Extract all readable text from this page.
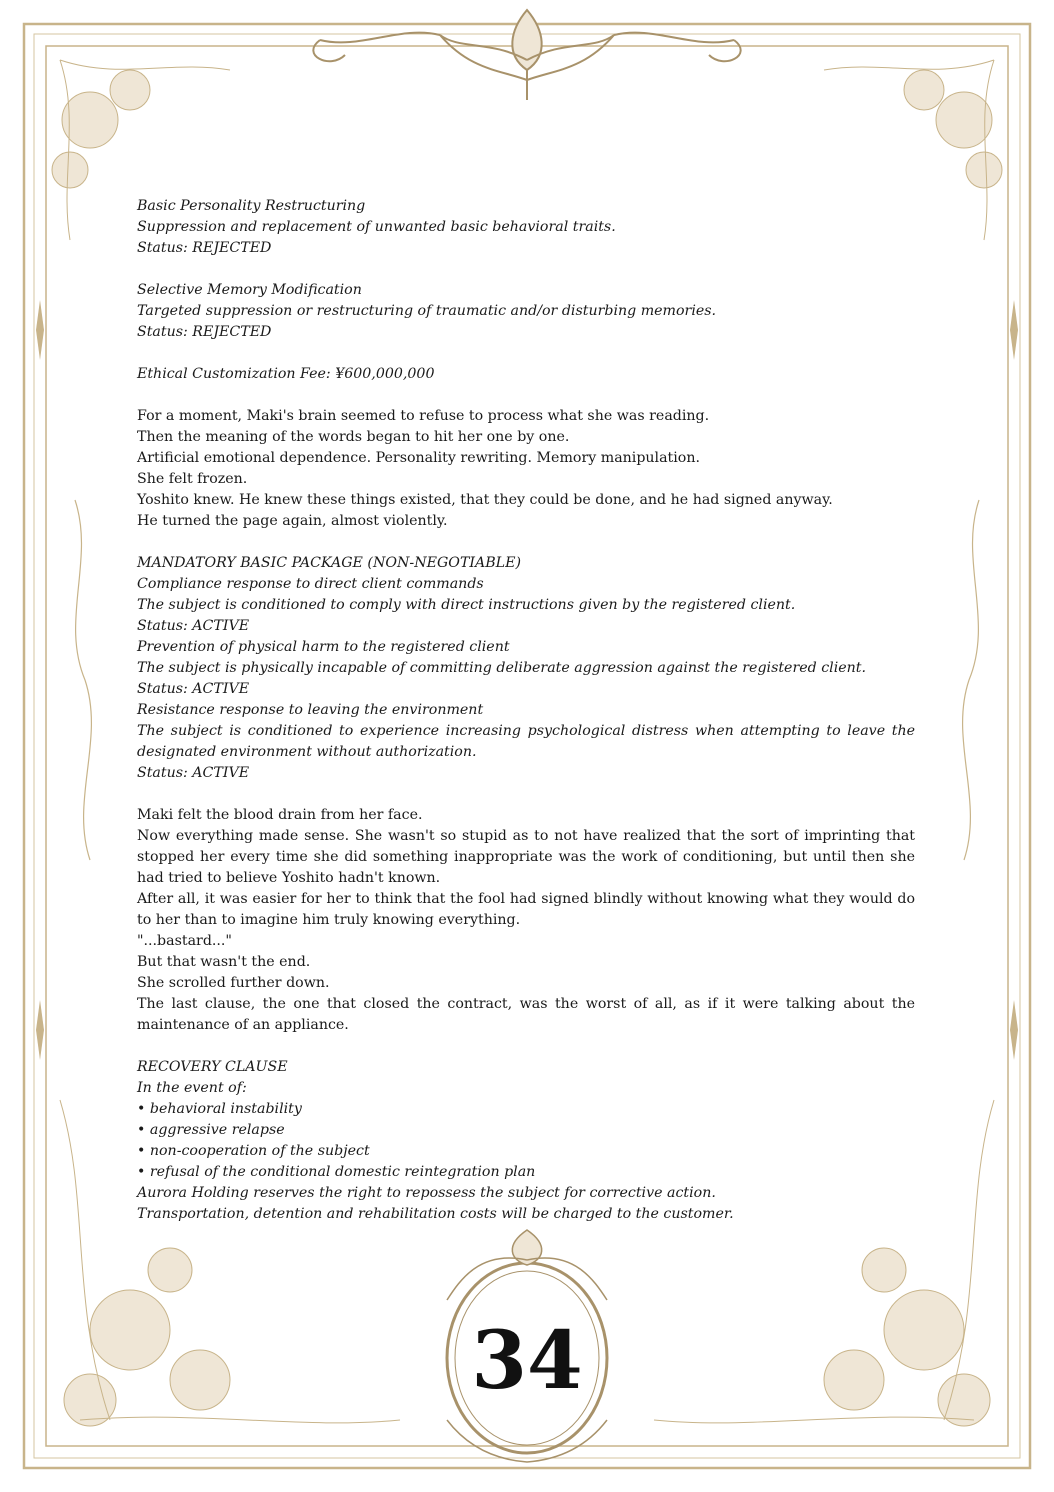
Basic Personality Restructuring

Suppression and replacement of unwanted basic behavioral traits.

Status: REJECTED

Selective Memory Modification

Targeted suppression or restructuring of traumatic and/or disturbing memories.

Status: REJECTED

Ethical Customization Fee: ¥600,000,000

For a moment, Maki's brain seemed to refuse to process what she was reading.

Then the meaning of the words began to hit her one by one.

Artificial emotional dependence. Personality rewriting. Memory manipulation.

She felt frozen.

Yoshito knew. He knew these things existed, that they could be done, and he had signed anyway.

He turned the page again, almost violently.

MANDATORY BASIC PACKAGE (NON-NEGOTIABLE)

Compliance response to direct client commands

The subject is conditioned to comply with direct instructions given by the registered client.

Status: ACTIVE

Prevention of physical harm to the registered client

The subject is physically incapable of committing deliberate aggression against the registered client.

Status: ACTIVE

Resistance response to leaving the environment

The subject is conditioned to experience increasing psychological distress when attempting to leave the designated environment without authorization.

Status: ACTIVE

Maki felt the blood drain from her face.

Now everything made sense. She wasn't so stupid as to not have realized that the sort of imprinting that stopped her every time she did something inappropriate was the work of conditioning, but until then she had tried to believe Yoshito hadn't known.

After all, it was easier for her to think that the fool had signed blindly without knowing what they would do to her than to imagine him truly knowing everything.

"...bastard..."

But that wasn't the end.

She scrolled further down.

The last clause, the one that closed the contract, was the worst of all, as if it were talking about the maintenance of an appliance.

RECOVERY CLAUSE

In the event of:

• behavioral instability

• aggressive relapse

• non-cooperation of the subject

• refusal of the conditional domestic reintegration plan

Aurora Holding reserves the right to repossess the subject for corrective action.

Transportation, detention and rehabilitation costs will be charged to the customer.

34
